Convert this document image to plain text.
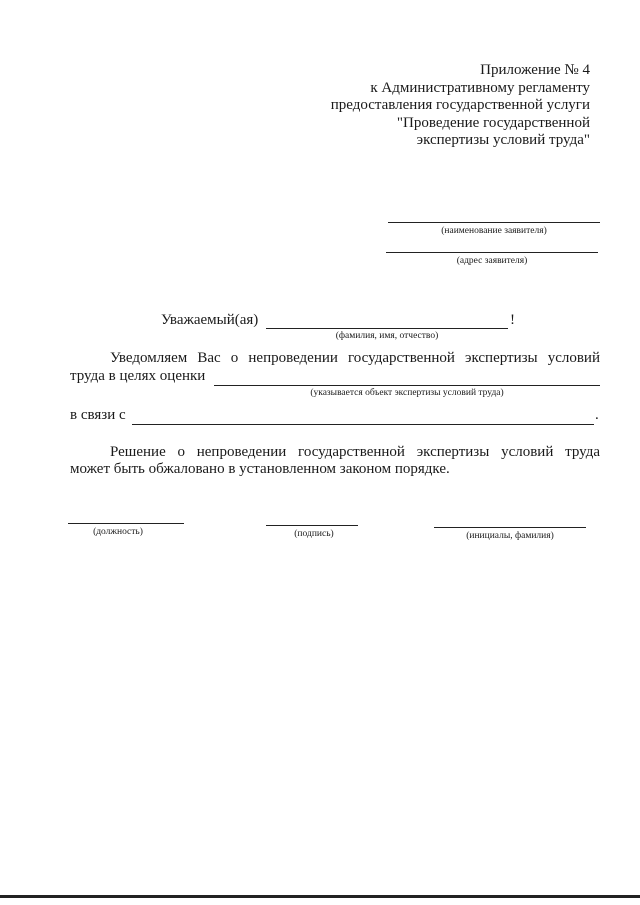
Приложение № 4
к Административному регламенту
предоставления государственной услуги
"Проведение государственной
экспертизы условий труда"
(наименование заявителя)
(адрес заявителя)
Уважаемый(ая)	!
(фамилия, имя, отчество)
Уведомляем Вас о непроведении государственной экспертизы условий
труда в целях оценки
(указывается объект экспертизы условий труда)
в связи с	.
Решение о непроведении государственной экспертизы условий труда
может быть обжаловано в установленном законом порядке.
(должность)	(подпись)	(инициалы, фамилия)
